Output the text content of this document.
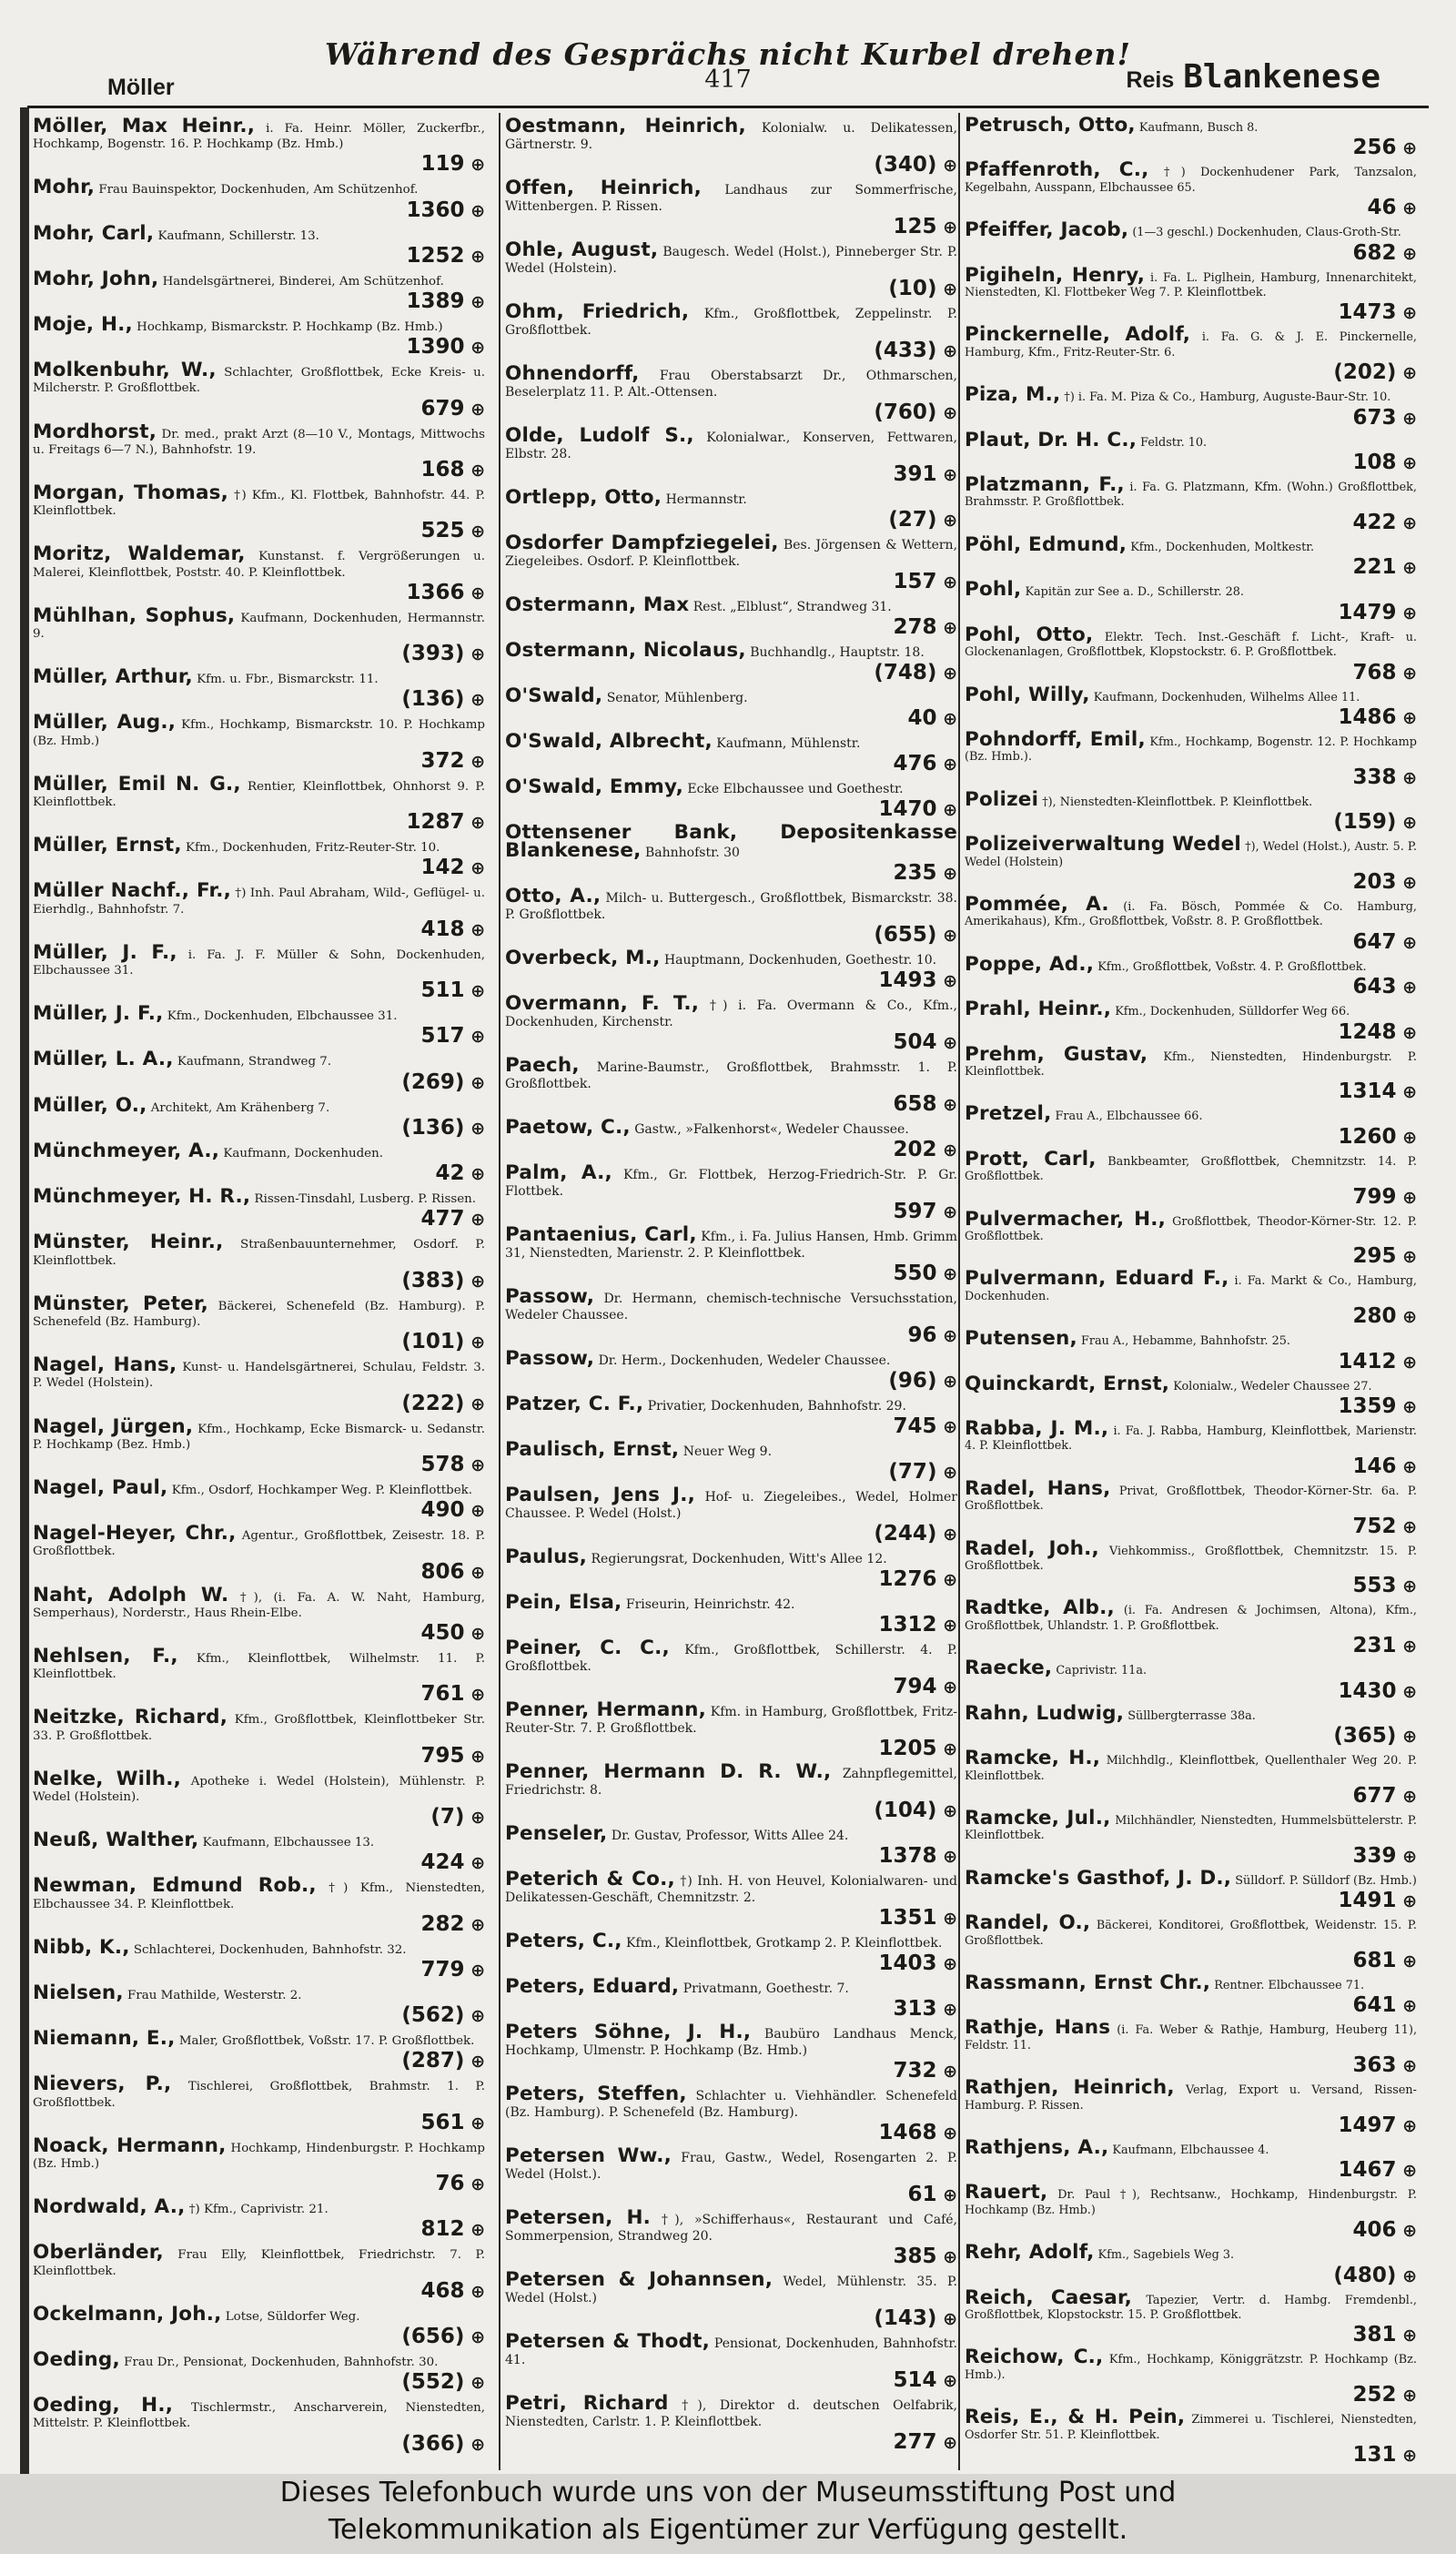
Während des Gesprächs nicht Kurbel drehen!
Möller	417	Reis Blankenese
Möller, Max Heinr., i. Fa. Heinr. Möller, Zuckerfbr., Hochkamp, Bogenstr. 16. P. Hochkamp (Bz. Hmb.)
119 ⊕
Mohr, Frau Bauinspektor, Dockenhuden, Am Schützenhof.
1360 ⊕
Mohr, Carl, Kaufmann, Schillerstr. 13.
1252 ⊕
Mohr, John, Handelsgärtnerei, Binderei, Am Schützenhof.
1389 ⊕
Moje, H., Hochkamp, Bismarckstr. P. Hochkamp (Bz. Hmb.)
1390 ⊕
Molkenbuhr, W., Schlachter, Großflottbek, Ecke Kreis- u. Milcherstr. P. Großflottbek.
679 ⊕
Mordhorst, Dr. med., prakt Arzt (8—10 V., Montags, Mittwochs u. Freitags 6—7 N.), Bahnhofstr. 19.
168 ⊕
Morgan, Thomas, †) Kfm., Kl. Flottbek, Bahnhofstr. 44. P. Kleinflottbek.
525 ⊕
Moritz, Waldemar, Kunstanst. f. Vergrößerungen u. Malerei, Kleinflottbek, Poststr. 40. P. Kleinflottbek.
1366 ⊕
Mühlhan, Sophus, Kaufmann, Dockenhuden, Hermannstr. 9.
(393) ⊕
Müller, Arthur, Kfm. u. Fbr., Bismarckstr. 11.
(136) ⊕
Müller, Aug., Kfm., Hochkamp, Bismarckstr. 10. P. Hochkamp (Bz. Hmb.)
372 ⊕
Müller, Emil N. G., Rentier, Kleinflottbek, Ohnhorst 9. P. Kleinflottbek.
1287 ⊕
Müller, Ernst, Kfm., Dockenhuden, Fritz-Reuter-Str. 10.
142 ⊕
Müller Nachf., Fr., †) Inh. Paul Abraham, Wild-, Geflügel- u. Eierhdlg., Bahnhofstr. 7.
418 ⊕
Müller, J. F., i. Fa. J. F. Müller & Sohn, Dockenhuden, Elbchaussee 31.
511 ⊕
Müller, J. F., Kfm., Dockenhuden, Elbchaussee 31.
517 ⊕
Müller, L. A., Kaufmann, Strandweg 7.
(269) ⊕
Müller, O., Architekt, Am Krähenberg 7.
(136) ⊕
Münchmeyer, A., Kaufmann, Dockenhuden.
42 ⊕
Münchmeyer, H. R., Rissen-Tinsdahl, Lusberg. P. Rissen.
477 ⊕
Münster, Heinr., Straßenbauunternehmer, Osdorf. P. Kleinflottbek.
(383) ⊕
Münster, Peter, Bäckerei, Schenefeld (Bz. Hamburg). P. Schenefeld (Bz. Hamburg).
(101) ⊕
Nagel, Hans, Kunst- u. Handelsgärtnerei, Schulau, Feldstr. 3. P. Wedel (Holstein).
(222) ⊕
Nagel, Jürgen, Kfm., Hochkamp, Ecke Bismarck- u. Sedanstr. P. Hochkamp (Bez. Hmb.)
578 ⊕
Nagel, Paul, Kfm., Osdorf, Hochkamper Weg. P. Kleinflottbek.
490 ⊕
Nagel-Heyer, Chr., Agentur., Großflottbek, Zeisestr. 18. P. Großflottbek.
806 ⊕
Naht, Adolph W. †), (i. Fa. A. W. Naht, Hamburg, Semperhaus), Norderstr., Haus Rhein-Elbe.
450 ⊕
Nehlsen, F., Kfm., Kleinflottbek, Wilhelmstr. 11. P. Kleinflottbek.
761 ⊕
Neitzke, Richard, Kfm., Großflottbek, Kleinflottbeker Str. 33. P. Großflottbek.
795 ⊕
Nelke, Wilh., Apotheke i. Wedel (Holstein), Mühlenstr. P. Wedel (Holstein).
(7) ⊕
Neuß, Walther, Kaufmann, Elbchaussee 13.
424 ⊕
Newman, Edmund Rob., †) Kfm., Nienstedten, Elbchaussee 34. P. Kleinflottbek.
282 ⊕
Nibb, K., Schlachterei, Dockenhuden, Bahnhofstr. 32.
779 ⊕
Nielsen, Frau Mathilde, Westerstr. 2.
(562) ⊕
Niemann, E., Maler, Großflottbek, Voßstr. 17. P. Großflottbek.
(287) ⊕
Nievers, P., Tischlerei, Großflottbek, Brahmstr. 1. P. Großflottbek.
561 ⊕
Noack, Hermann, Hochkamp, Hindenburgstr. P. Hochkamp (Bz. Hmb.)
76 ⊕
Nordwald, A., †) Kfm., Caprivistr. 21.
812 ⊕
Oberländer, Frau Elly, Kleinflottbek, Friedrichstr. 7. P. Kleinflottbek.
468 ⊕
Ockelmann, Joh., Lotse, Süldorfer Weg.
(656) ⊕
Oeding, Frau Dr., Pensionat, Dockenhuden, Bahnhofstr. 30.
(552) ⊕
Oeding, H., Tischlermstr., Anscharverein, Nienstedten, Mittelstr. P. Kleinflottbek.
(366) ⊕
Oestmann, Heinrich, Kolonialw. u. Delikatessen, Gärtnerstr. 9.
(340) ⊕
Offen, Heinrich, Landhaus zur Sommerfrische, Wittenbergen. P. Rissen.
125 ⊕
Ohle, August, Baugesch. Wedel (Holst.), Pinneberger Str. P. Wedel (Holstein).
(10) ⊕
Ohm, Friedrich, Kfm., Großflottbek, Zeppelinstr. P. Großflottbek.
(433) ⊕
Ohnendorff, Frau Oberstabsarzt Dr., Othmarschen, Beselerplatz 11. P. Alt.-Ottensen.
(760) ⊕
Olde, Ludolf S., Kolonialwar., Konserven, Fettwaren, Elbstr. 28.
391 ⊕
Ortlepp, Otto, Hermannstr.
(27) ⊕
Osdorfer Dampfziegelei, Bes. Jörgensen & Wettern, Ziegeleibes. Osdorf. P. Kleinflottbek.
157 ⊕
Ostermann, Max Rest. „Elblust“, Strandweg 31.
278 ⊕
Ostermann, Nicolaus, Buchhandlg., Hauptstr. 18.
(748) ⊕
O'Swald, Senator, Mühlenberg.
40 ⊕
O'Swald, Albrecht, Kaufmann, Mühlenstr.
476 ⊕
O'Swald, Emmy, Ecke Elbchaussee und Goethestr.
1470 ⊕
Ottensener Bank, Depositenkasse Blankenese, Bahnhofstr. 30
235 ⊕
Otto, A., Milch- u. Buttergesch., Großflottbek, Bismarckstr. 38. P. Großflottbek.
(655) ⊕
Overbeck, M., Hauptmann, Dockenhuden, Goethestr. 10.
1493 ⊕
Overmann, F. T., †) i. Fa. Overmann & Co., Kfm., Dockenhuden, Kirchenstr.
504 ⊕
Paech, Marine-Baumstr., Großflottbek, Brahmsstr. 1. P. Großflottbek.
658 ⊕
Paetow, C., Gastw., »Falkenhorst«, Wedeler Chaussee.
202 ⊕
Palm, A., Kfm., Gr. Flottbek, Herzog-Friedrich-Str. P. Gr. Flottbek.
597 ⊕
Pantaenius, Carl, Kfm., i. Fa. Julius Hansen, Hmb. Grimm 31, Nienstedten, Marienstr. 2. P. Kleinflottbek.
550 ⊕
Passow, Dr. Hermann, chemisch-technische Versuchsstation, Wedeler Chaussee.
96 ⊕
Passow, Dr. Herm., Dockenhuden, Wedeler Chaussee.
(96) ⊕
Patzer, C. F., Privatier, Dockenhuden, Bahnhofstr. 29.
745 ⊕
Paulisch, Ernst, Neuer Weg 9.
(77) ⊕
Paulsen, Jens J., Hof- u. Ziegeleibes., Wedel, Holmer Chaussee. P. Wedel (Holst.)
(244) ⊕
Paulus, Regierungsrat, Dockenhuden, Witt's Allee 12.
1276 ⊕
Pein, Elsa, Friseurin, Heinrichstr. 42.
1312 ⊕
Peiner, C. C., Kfm., Großflottbek, Schillerstr. 4. P. Großflottbek.
794 ⊕
Penner, Hermann, Kfm. in Hamburg, Großflottbek, Fritz-Reuter-Str. 7. P. Großflottbek.
1205 ⊕
Penner, Hermann D. R. W., Zahnpflegemittel, Friedrichstr. 8.
(104) ⊕
Penseler, Dr. Gustav, Professor, Witts Allee 24.
1378 ⊕
Peterich & Co., †) Inh. H. von Heuvel, Kolonialwaren- und Delikatessen-Geschäft, Chemnitzstr. 2.
1351 ⊕
Peters, C., Kfm., Kleinflottbek, Grotkamp 2. P. Kleinflottbek.
1403 ⊕
Peters, Eduard, Privatmann, Goethestr. 7.
313 ⊕
Peters Söhne, J. H., Baubüro Landhaus Menck, Hochkamp, Ulmenstr. P. Hochkamp (Bz. Hmb.)
732 ⊕
Peters, Steffen, Schlachter u. Viehhändler. Schenefeld (Bz. Hamburg). P. Schenefeld (Bz. Hamburg).
1468 ⊕
Petersen Ww., Frau, Gastw., Wedel, Rosengarten 2. P. Wedel (Holst.).
61 ⊕
Petersen, H. †), »Schifferhaus«, Restaurant und Café, Sommerpension, Strandweg 20.
385 ⊕
Petersen & Johannsen, Wedel, Mühlenstr. 35. P. Wedel (Holst.)
(143) ⊕
Petersen & Thodt, Pensionat, Dockenhuden, Bahnhofstr. 41.
514 ⊕
Petri, Richard †), Direktor d. deutschen Oelfabrik, Nienstedten, Carlstr. 1. P. Kleinflottbek.
277 ⊕
Petrusch, Otto, Kaufmann, Busch 8.
256 ⊕
Pfaffenroth, C., †) Dockenhudener Park, Tanzsalon, Kegelbahn, Ausspann, Elbchaussee 65.
46 ⊕
Pfeiffer, Jacob, (1—3 geschl.) Dockenhuden, Claus-Groth-Str.
682 ⊕
Pigiheln, Henry, i. Fa. L. Piglhein, Hamburg, Innenarchitekt, Nienstedten, Kl. Flottbeker Weg 7. P. Kleinflottbek.
1473 ⊕
Pinckernelle, Adolf, i. Fa. G. & J. E. Pinckernelle, Hamburg, Kfm., Fritz-Reuter-Str. 6.
(202) ⊕
Piza, M., †) i. Fa. M. Piza & Co., Hamburg, Auguste-Baur-Str. 10.
673 ⊕
Plaut, Dr. H. C., Feldstr. 10.
108 ⊕
Platzmann, F., i. Fa. G. Platzmann, Kfm. (Wohn.) Großflottbek, Brahmsstr. P. Großflottbek.
422 ⊕
Pöhl, Edmund, Kfm., Dockenhuden, Moltkestr.
221 ⊕
Pohl, Kapitän zur See a. D., Schillerstr. 28.
1479 ⊕
Pohl, Otto, Elektr. Tech. Inst.-Geschäft f. Licht-, Kraft- u. Glockenanlagen, Großflottbek, Klopstockstr. 6. P. Großflottbek.
768 ⊕
Pohl, Willy, Kaufmann, Dockenhuden, Wilhelms Allee 11.
1486 ⊕
Pohndorff, Emil, Kfm., Hochkamp, Bogenstr. 12. P. Hochkamp (Bz. Hmb.).
338 ⊕
Polizei †), Nienstedten-Kleinflottbek. P. Kleinflottbek.
(159) ⊕
Polizeiverwaltung Wedel †), Wedel (Holst.), Austr. 5. P. Wedel (Holstein)
203 ⊕
Pommée, A. (i. Fa. Bösch, Pommée & Co. Hamburg, Amerikahaus), Kfm., Großflottbek, Voßstr. 8. P. Großflottbek.
647 ⊕
Poppe, Ad., Kfm., Großflottbek, Voßstr. 4. P. Großflottbek.
643 ⊕
Prahl, Heinr., Kfm., Dockenhuden, Sülldorfer Weg 66.
1248 ⊕
Prehm, Gustav, Kfm., Nienstedten, Hindenburgstr. P. Kleinflottbek.
1314 ⊕
Pretzel, Frau A., Elbchaussee 66.
1260 ⊕
Prott, Carl, Bankbeamter, Großflottbek, Chemnitzstr. 14. P. Großflottbek.
799 ⊕
Pulvermacher, H., Großflottbek, Theodor-Körner-Str. 12. P. Großflottbek.
295 ⊕
Pulvermann, Eduard F., i. Fa. Markt & Co., Hamburg, Dockenhuden.
280 ⊕
Putensen, Frau A., Hebamme, Bahnhofstr. 25.
1412 ⊕
Quinckardt, Ernst, Kolonialw., Wedeler Chaussee 27.
1359 ⊕
Rabba, J. M., i. Fa. J. Rabba, Hamburg, Kleinflottbek, Marienstr. 4. P. Kleinflottbek.
146 ⊕
Radel, Hans, Privat, Großflottbek, Theodor-Körner-Str. 6a. P. Großflottbek.
752 ⊕
Radel, Joh., Viehkommiss., Großflottbek, Chemnitzstr. 15. P. Großflottbek.
553 ⊕
Radtke, Alb., (i. Fa. Andresen & Jochimsen, Altona), Kfm., Großflottbek, Uhlandstr. 1. P. Großflottbek.
231 ⊕
Raecke, Caprivistr. 11a.
1430 ⊕
Rahn, Ludwig, Süllbergterrasse 38a.
(365) ⊕
Ramcke, H., Milchhdlg., Kleinflottbek, Quellenthaler Weg 20. P. Kleinflottbek.
677 ⊕
Ramcke, Jul., Milchhändler, Nienstedten, Hummelsbüttelerstr. P. Kleinflottbek.
339 ⊕
Ramcke's Gasthof, J. D., Sülldorf. P. Sülldorf (Bz. Hmb.)
1491 ⊕
Randel, O., Bäckerei, Konditorei, Großflottbek, Weidenstr. 15. P. Großflottbek.
681 ⊕
Rassmann, Ernst Chr., Rentner. Elbchaussee 71.
641 ⊕
Rathje, Hans (i. Fa. Weber & Rathje, Hamburg, Heuberg 11), Feldstr. 11.
363 ⊕
Rathjen, Heinrich, Verlag, Export u. Versand, Rissen-Hamburg. P. Rissen.
1497 ⊕
Rathjens, A., Kaufmann, Elbchaussee 4.
1467 ⊕
Rauert, Dr. Paul †), Rechtsanw., Hochkamp, Hindenburgstr. P. Hochkamp (Bz. Hmb.)
406 ⊕
Rehr, Adolf, Kfm., Sagebiels Weg 3.
(480) ⊕
Reich, Caesar, Tapezier, Vertr. d. Hambg. Fremdenbl., Großflottbek, Klopstockstr. 15. P. Großflottbek.
381 ⊕
Reichow, C., Kfm., Hochkamp, Königgrätzstr. P. Hochkamp (Bz. Hmb.).
252 ⊕
Reis, E., & H. Pein, Zimmerei u. Tischlerei, Nienstedten, Osdorfer Str. 51. P. Kleinflottbek.
131 ⊕
Dieses Telefonbuch wurde uns von der Museumsstiftung Post und
Telekommunikation als Eigentümer zur Verfügung gestellt.
